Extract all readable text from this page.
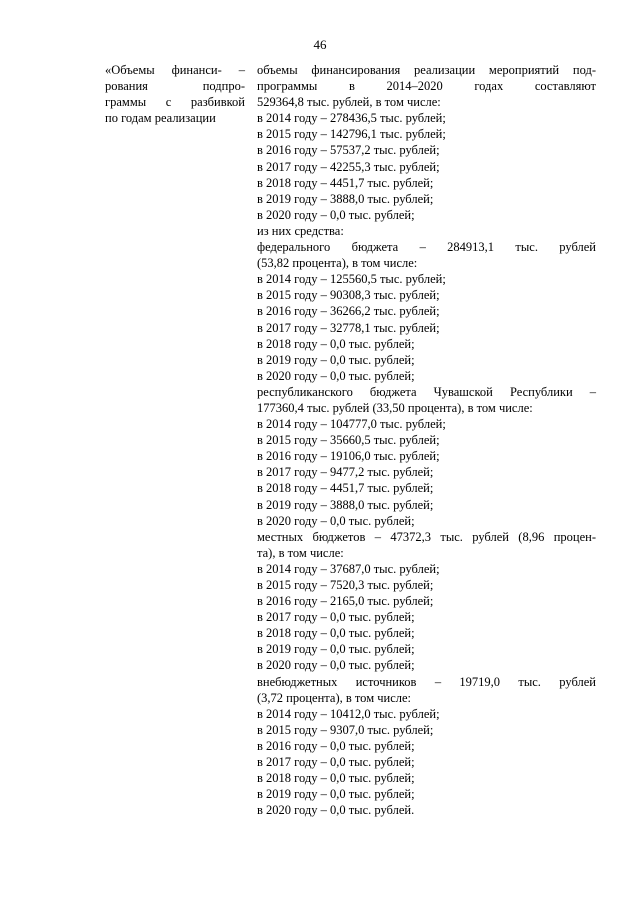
46
«Объемы финанси- –
рования подпро-
граммы с разбивкой
по годам реализации
объемы финансирования реализации мероприятий под-
программы в 2014–2020 годах составляют
529364,8 тыс. рублей, в том числе:
в 2014 году – 278436,5 тыс. рублей;
в 2015 году – 142796,1 тыс. рублей;
в 2016 году – 57537,2 тыс. рублей;
в 2017 году – 42255,3 тыс. рублей;
в 2018 году – 4451,7 тыс. рублей;
в 2019 году – 3888,0 тыс. рублей;
в 2020 году – 0,0 тыс. рублей;
из них средства:
федерального бюджета – 284913,1 тыс. рублей
(53,82 процента), в том числе:
в 2014 году – 125560,5 тыс. рублей;
в 2015 году – 90308,3 тыс. рублей;
в 2016 году – 36266,2 тыс. рублей;
в 2017 году – 32778,1 тыс. рублей;
в 2018 году – 0,0 тыс. рублей;
в 2019 году – 0,0 тыс. рублей;
в 2020 году – 0,0 тыс. рублей;
республиканского бюджета Чувашской Республики –
177360,4 тыс. рублей (33,50 процента), в том числе:
в 2014 году – 104777,0 тыс. рублей;
в 2015 году – 35660,5 тыс. рублей;
в 2016 году – 19106,0 тыс. рублей;
в 2017 году – 9477,2 тыс. рублей;
в 2018 году – 4451,7 тыс. рублей;
в 2019 году – 3888,0 тыс. рублей;
в 2020 году – 0,0 тыс. рублей;
местных бюджетов – 47372,3 тыс. рублей (8,96 процен-
та), в том числе:
в 2014 году – 37687,0 тыс. рублей;
в 2015 году – 7520,3 тыс. рублей;
в 2016 году – 2165,0 тыс. рублей;
в 2017 году – 0,0 тыс. рублей;
в 2018 году – 0,0 тыс. рублей;
в 2019 году – 0,0 тыс. рублей;
в 2020 году – 0,0 тыс. рублей;
внебюджетных источников – 19719,0 тыс. рублей
(3,72 процента), в том числе:
в 2014 году – 10412,0 тыс. рублей;
в 2015 году – 9307,0 тыс. рублей;
в 2016 году – 0,0 тыс. рублей;
в 2017 году – 0,0 тыс. рублей;
в 2018 году – 0,0 тыс. рублей;
в 2019 году – 0,0 тыс. рублей;
в 2020 году – 0,0 тыс. рублей.
